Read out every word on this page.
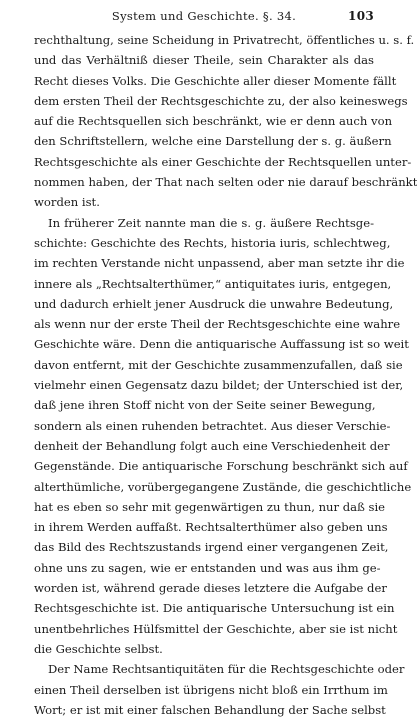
System und Geschichte. §. 34.	103
rechthaltung, seine Scheidung in Privatrecht, öffentliches u. s. f.
und das Verhältniß dieser Theile, sein Charakter als das
Recht dieses Volks. Die Geschichte aller dieser Momente fällt
dem ersten Theil der Rechtsgeschichte zu, der also keineswegs
auf die Rechtsquellen sich beschränkt, wie er denn auch von
den Schriftstellern, welche eine Darstellung der s. g. äußern
Rechtsgeschichte als einer Geschichte der Rechtsquellen unter-
nommen haben, der That nach selten oder nie darauf beschränkt
worden ist.
In früherer Zeit nannte man die s. g. äußere Rechtsge-
schichte: Geschichte des Rechts, historia iuris, schlechtweg,
im rechten Verstande nicht unpassend, aber man setzte ihr die
innere als „Rechtsalterthümer,“ antiquitates iuris, entgegen,
und dadurch erhielt jener Ausdruck die unwahre Bedeutung,
als wenn nur der erste Theil der Rechtsgeschichte eine wahre
Geschichte wäre. Denn die antiquarische Auffassung ist so weit
davon entfernt, mit der Geschichte zusammenzufallen, daß sie
vielmehr einen Gegensatz dazu bildet; der Unterschied ist der,
daß jene ihren Stoff nicht von der Seite seiner Bewegung,
sondern als einen ruhenden betrachtet. Aus dieser Verschie-
denheit der Behandlung folgt auch eine Verschiedenheit der
Gegenstände. Die antiquarische Forschung beschränkt sich auf
alterthümliche, vorübergegangene Zustände, die geschichtliche
hat es eben so sehr mit gegenwärtigen zu thun, nur daß sie
in ihrem Werden auffaßt. Rechtsalterthümer also geben uns
das Bild des Rechtszustands irgend einer vergangenen Zeit,
ohne uns zu sagen, wie er entstanden und was aus ihm ge-
worden ist, während gerade dieses letztere die Aufgabe der
Rechtsgeschichte ist. Die antiquarische Untersuchung ist ein
unentbehrliches Hülfsmittel der Geschichte, aber sie ist nicht
die Geschichte selbst.
Der Name Rechtsantiquitäten für die Rechtsgeschichte oder
einen Theil derselben ist übrigens nicht bloß ein Irrthum im
Wort; er ist mit einer falschen Behandlung der Sache selbst
